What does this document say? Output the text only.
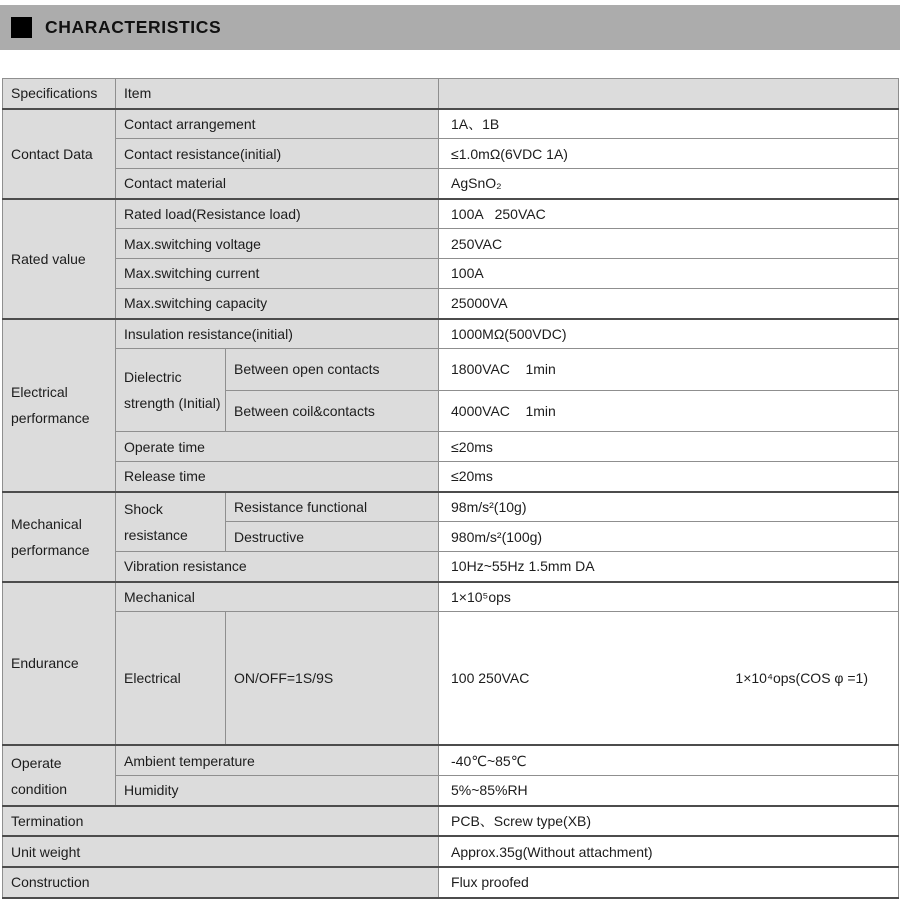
CHARACTERISTICS
Specifications	Item		
Contact Data	Contact arrangement		1A、1B
	Contact resistance(initial)		≤1.0mΩ(6VDC 1A)
	Contact material		AgSnO₂
Rated value	Rated load(Resistance load)		100A   250VAC
	Max.switching voltage		250VAC
	Max.switching current		100A
	Max.switching capacity		25000VA
Electrical performance	Insulation resistance(initial)		1000MΩ(500VDC)
	Dielectric strength (Initial)	Between open contacts	1800VAC    1min
		Between coil&contacts	4000VAC    1min
	Operate time		≤20ms
	Release time		≤20ms
Mechanical performance	Shock resistance	Resistance functional	98m/s²(10g)
		Destructive	980m/s²(100g)
	Vibration resistance		10Hz~55Hz 1.5mm DA
Endurance	Mechanical		1×10⁵ops
	Electrical	ON/OFF=1S/9S	100 250VAC 1×10⁴ops(COS φ =1)

Operate condition	Ambient temperature		-40℃~85℃
	Humidity		5%~85%RH
Termination			PCB、Screw type(XB)
Unit weight			Approx.35g(Without attachment)
Construction			Flux proofed
